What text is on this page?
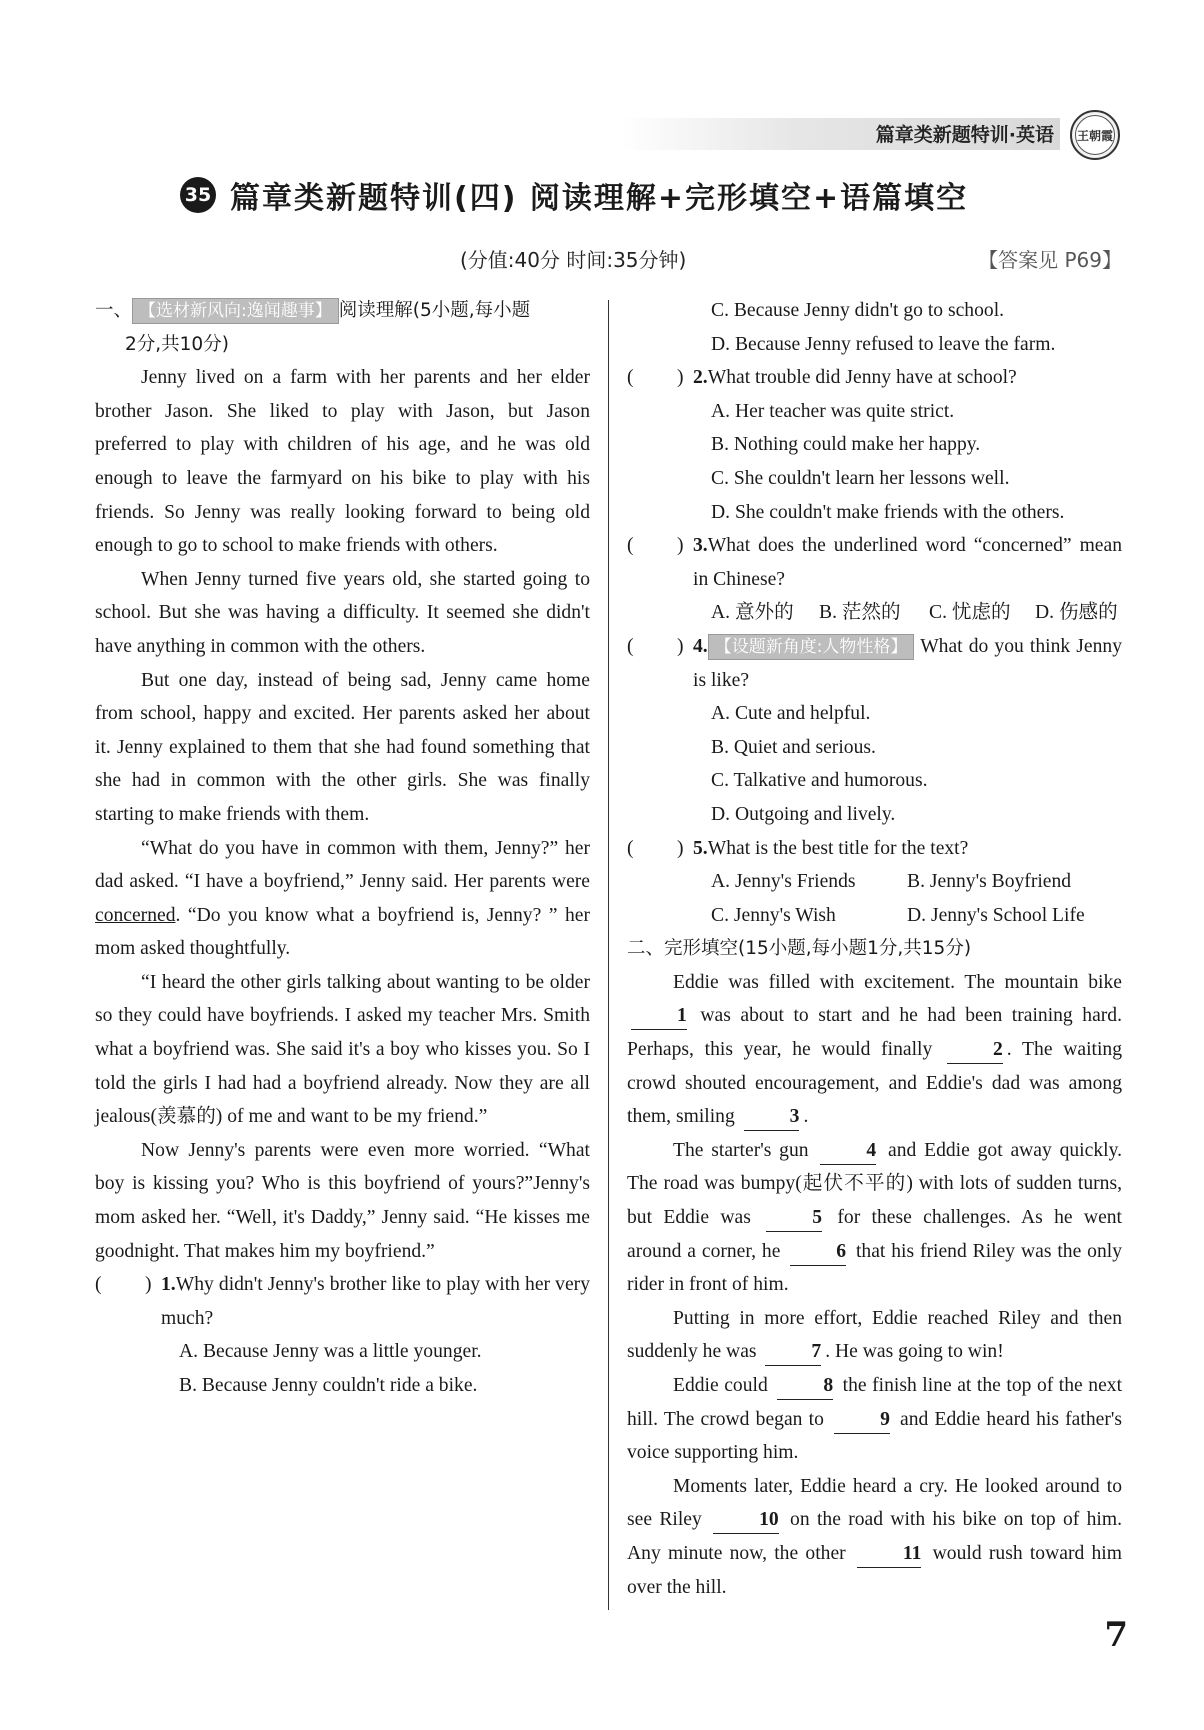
篇章类新题特训·英语 王朝霞
35 篇章类新题特训(四) 阅读理解+完形填空+语篇填空
(分值:40分 时间:35分钟)	【答案见 P69】

一、 【选材新风向:逸闻趣事】 阅读理解(5小题,每小题

2分,共10分)

Jenny lived on a farm with her parents and her elder brother Jason. She liked to play with Jason, but Jason preferred to play with children of his age, and he was old enough to leave the farmyard on his bike to play with his friends. So Jenny was really looking forward to being old enough to go to school to make friends with others.

When Jenny turned five years old, she started going to school. But she was having a difficulty. It seemed she didn't have anything in common with the others.

But one day, instead of being sad, Jenny came home from school, happy and excited. Her parents asked her about it. Jenny explained to them that she had found something that she had in common with the other girls. She was finally starting to make friends with them.

“What do you have in common with them, Jenny?” her dad asked. “I have a boyfriend,” Jenny said. Her parents were concerned. “Do you know what a boyfriend is, Jenny? ” her mom asked thoughtfully.

“I heard the other girls talking about wanting to be older so they could have boyfriends. I asked my teacher Mrs. Smith what a boyfriend was. She said it's a boy who kisses you. So I told the girls I had had a boyfriend already. Now they are all jealous(羡慕的) of me and want to be my friend.”

Now Jenny's parents were even more worried. “What boy is kissing you? Who is this boyfriend of yours?”Jenny's mom asked her. “Well, it's Daddy,” Jenny said. “He kisses me goodnight. That makes him my boyfriend.”

( ) 1.Why didn't Jenny's brother like to play with her very much?

A. Because Jenny was a little younger.

B. Because Jenny couldn't ride a bike.

C. Because Jenny didn't go to school.

D. Because Jenny refused to leave the farm.

( ) 2.What trouble did Jenny have at school?

A. Her teacher was quite strict.

B. Nothing could make her happy.

C. She couldn't learn her lessons well.

D. She couldn't make friends with the others.

( ) 3.What does the underlined word “concerned” mean in Chinese?

A. 意外的	B. 茫然的	C. 忧虑的	D. 伤感的

( ) 4. 【设题新角度:人物性格】 What do you think Jenny is like?

A. Cute and helpful.

B. Quiet and serious.

C. Talkative and humorous.

D. Outgoing and lively.

( ) 5.What is the best title for the text?

A. Jenny's Friends	B. Jenny's Boyfriend

C. Jenny's Wish	D. Jenny's School Life

二、完形填空(15小题,每小题1分,共15分)

Eddie was filled with excitement. The mountain bike 1 was about to start and he had been training hard. Perhaps, this year, he would finally	2 . The waiting crowd shouted encouragement, and Eddie's dad was among them, smiling	3 .

The starter's gun	4 and Eddie got away quickly. The road was bumpy(起伏不平的) with lots of sudden turns, but Eddie was	5 for these challenges. As he went around a corner, he	6 that his friend Riley was the only rider in front of him.

Putting in more effort, Eddie reached Riley and then suddenly he was	7 . He was going to win!

Eddie could	8 the finish line at the top of the next hill. The crowd began to	9 and Eddie heard his father's voice supporting him.

Moments later, Eddie heard a cry. He looked around to see Riley	10 on the road with his bike on top of him. Any minute now, the other	11 would rush toward him over the hill.

7
